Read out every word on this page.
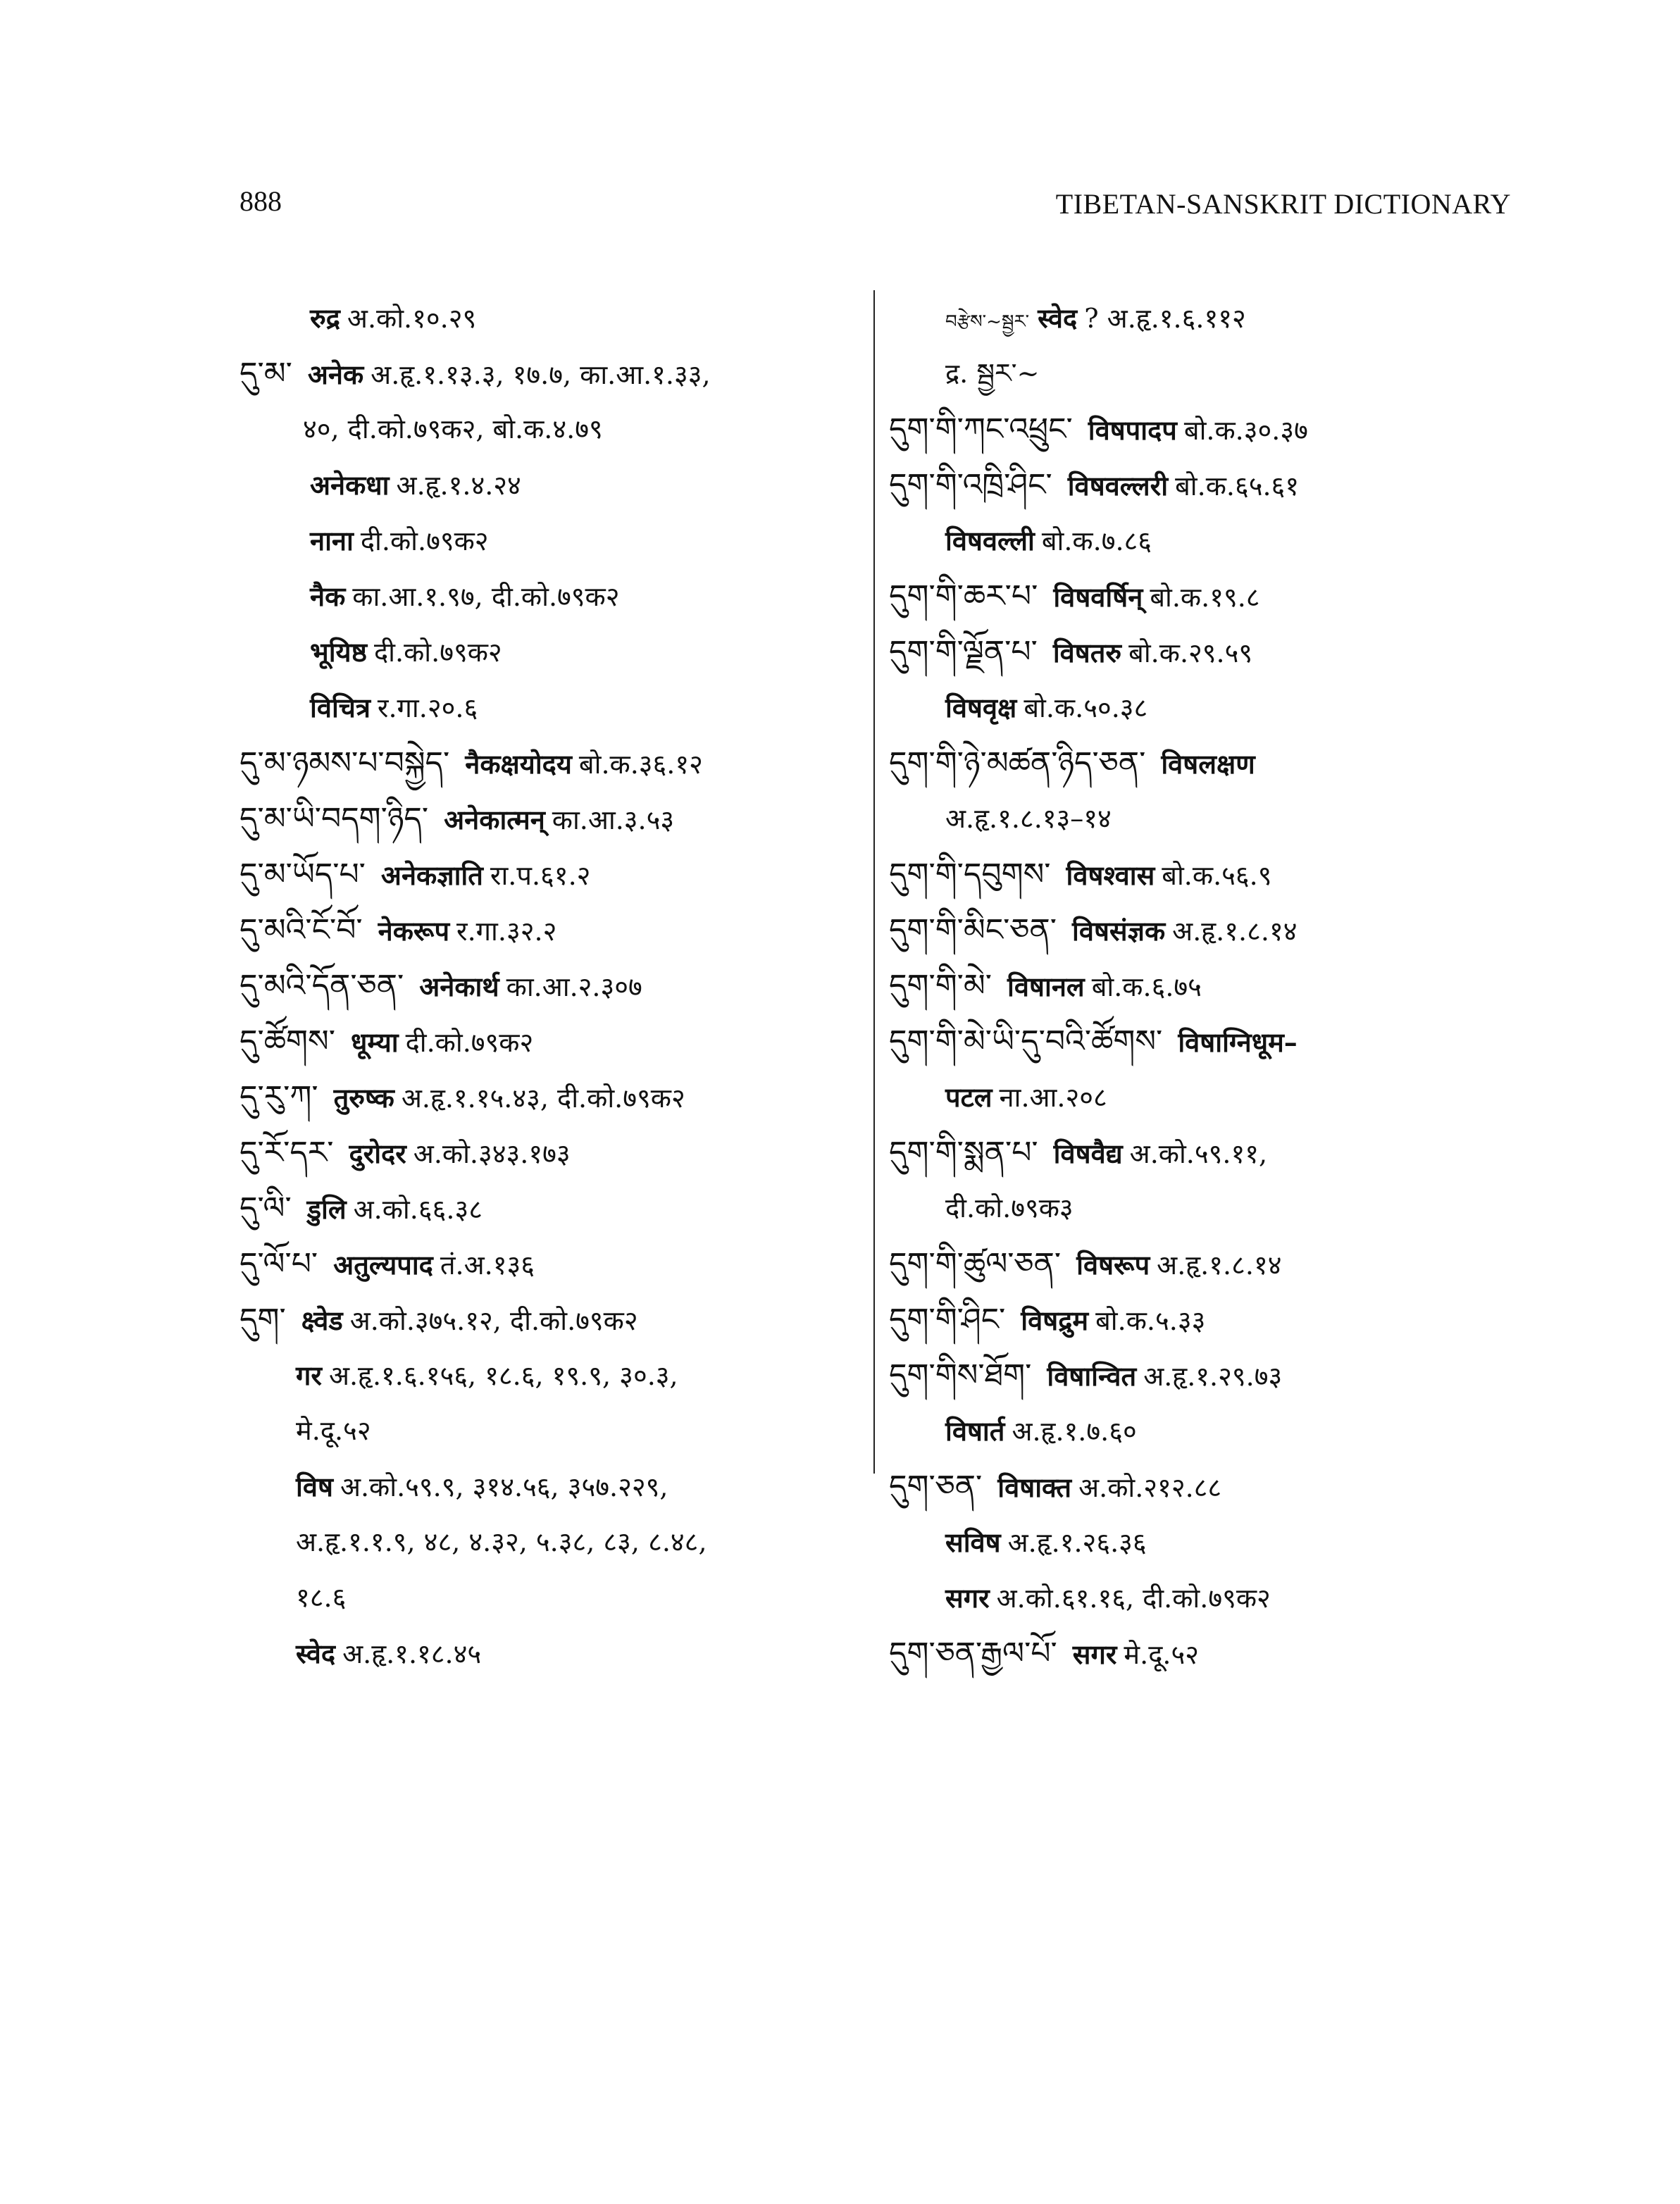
888	TIBETAN-SANSKRIT DICTIONARY
रुद्र अ.को.१०.२९
དུ་མ་ अनेक अ.हृ.१.१३.३, १७.७, का.आ.१.३३,
४०, दी.को.७९क२, बो.क.४.७९
अनेकधा अ.हृ.१.४.२४
नाना दी.को.७९क२
नैक का.आ.१.९७, दी.को.७९क२
भूयिष्ठ दी.को.७९क२
विचित्र र.गा.२०.६
དུ་མ་ཉམས་པ་བསྐྱེད་ नैकक्षयोदय बो.क.३६.१२
དུ་མ་ཡི་བདག་ཉིད་ अनेकात्मन् का.आ.३.५३
དུ་མ་ཡོད་པ་ अनेकज्ञाति रा.प.६१.२
དུ་མའི་ངོ་བོ་ नेकरूप र.गा.३२.२
དུ་མའི་དོན་ཅན་ अनेकार्थ का.आ.२.३०७
དུ་ཚོགས་ धूम्या दी.को.७९क२
དུ་རུ་ཀ་ तुरुष्क अ.हृ.१.१५.४३, दी.को.७९क२
དུ་རོ་དར་ दुरोदर अ.को.३४३.१७३
དུ་ལི་ डुलि अ.को.६६.३८
དུ་ལོ་པ་ अतुल्यपाद तं.अ.१३६
དུག་ क्ष्वेड अ.को.३७५.१२, दी.को.७९क२
गर अ.हृ.१.६.१५६, १८.६, १९.९, ३०.३,
मे.दू.५२
विष अ.को.५९.९, ३१४.५६, ३५७.२२९,
अ.हृ.१.१.९, ४८, ४.३२, ५.३८, ८३, ८.४८,
१८.६
स्वेद अ.हृ.१.१८.४५
བརྩེས་~སྦྱར་ स्वेद ? अ.हृ.१.६.११२
द्र. སྦྱར་~
དུག་གི་ཀང་འཕྲུང་ विषपादप बो.क.३०.३७
དུག་གི་འཁྲི་ཤིང་ विषवल्लरी बो.क.६५.६१
विषवल्ली बो.क.७.८६
དུག་གི་ཆར་པ་ विषवर्षिन् बो.क.१९.८
དུག་གི་ལྗོན་པ་ विषतरु बो.क.२९.५९
विषवृक्ष बो.क.५०.३८
དུག་གི་ཉེ་མཚན་ཉིད་ཅན་ विषलक्षण
अ.हृ.१.८.१३–१४
དུག་གི་དབུགས་ विषश्वास बो.क.५६.९
དུག་གི་མིང་ཅན་ विषसंज्ञक अ.हृ.१.८.१४
དུག་གི་མེ་ विषानल बो.क.६.७५
དུག་གི་མེ་ཡི་དུ་བའི་ཚོགས་ विषाग्निधूम–
पटल ना.आ.२०८
དུག་གི་སྨན་པ་ विषवैद्य अ.को.५९.११,
दी.को.७९क३
དུག་གི་ཚུལ་ཅན་ विषरूप अ.हृ.१.८.१४
དུག་གི་ཤིང་ विषद्रुम बो.क.५.३३
དུག་གིས་ཐོག་ विषान्वित अ.हृ.१.२९.७३
विषार्त अ.हृ.१.७.६०
དུག་ཅན་ विषाक्त अ.को.२१२.८८
सविष अ.हृ.१.२६.३६
सगर अ.को.६१.१६, दी.को.७९क२
དུག་ཅན་རྒྱལ་པོ་ सगर मे.दू.५२
